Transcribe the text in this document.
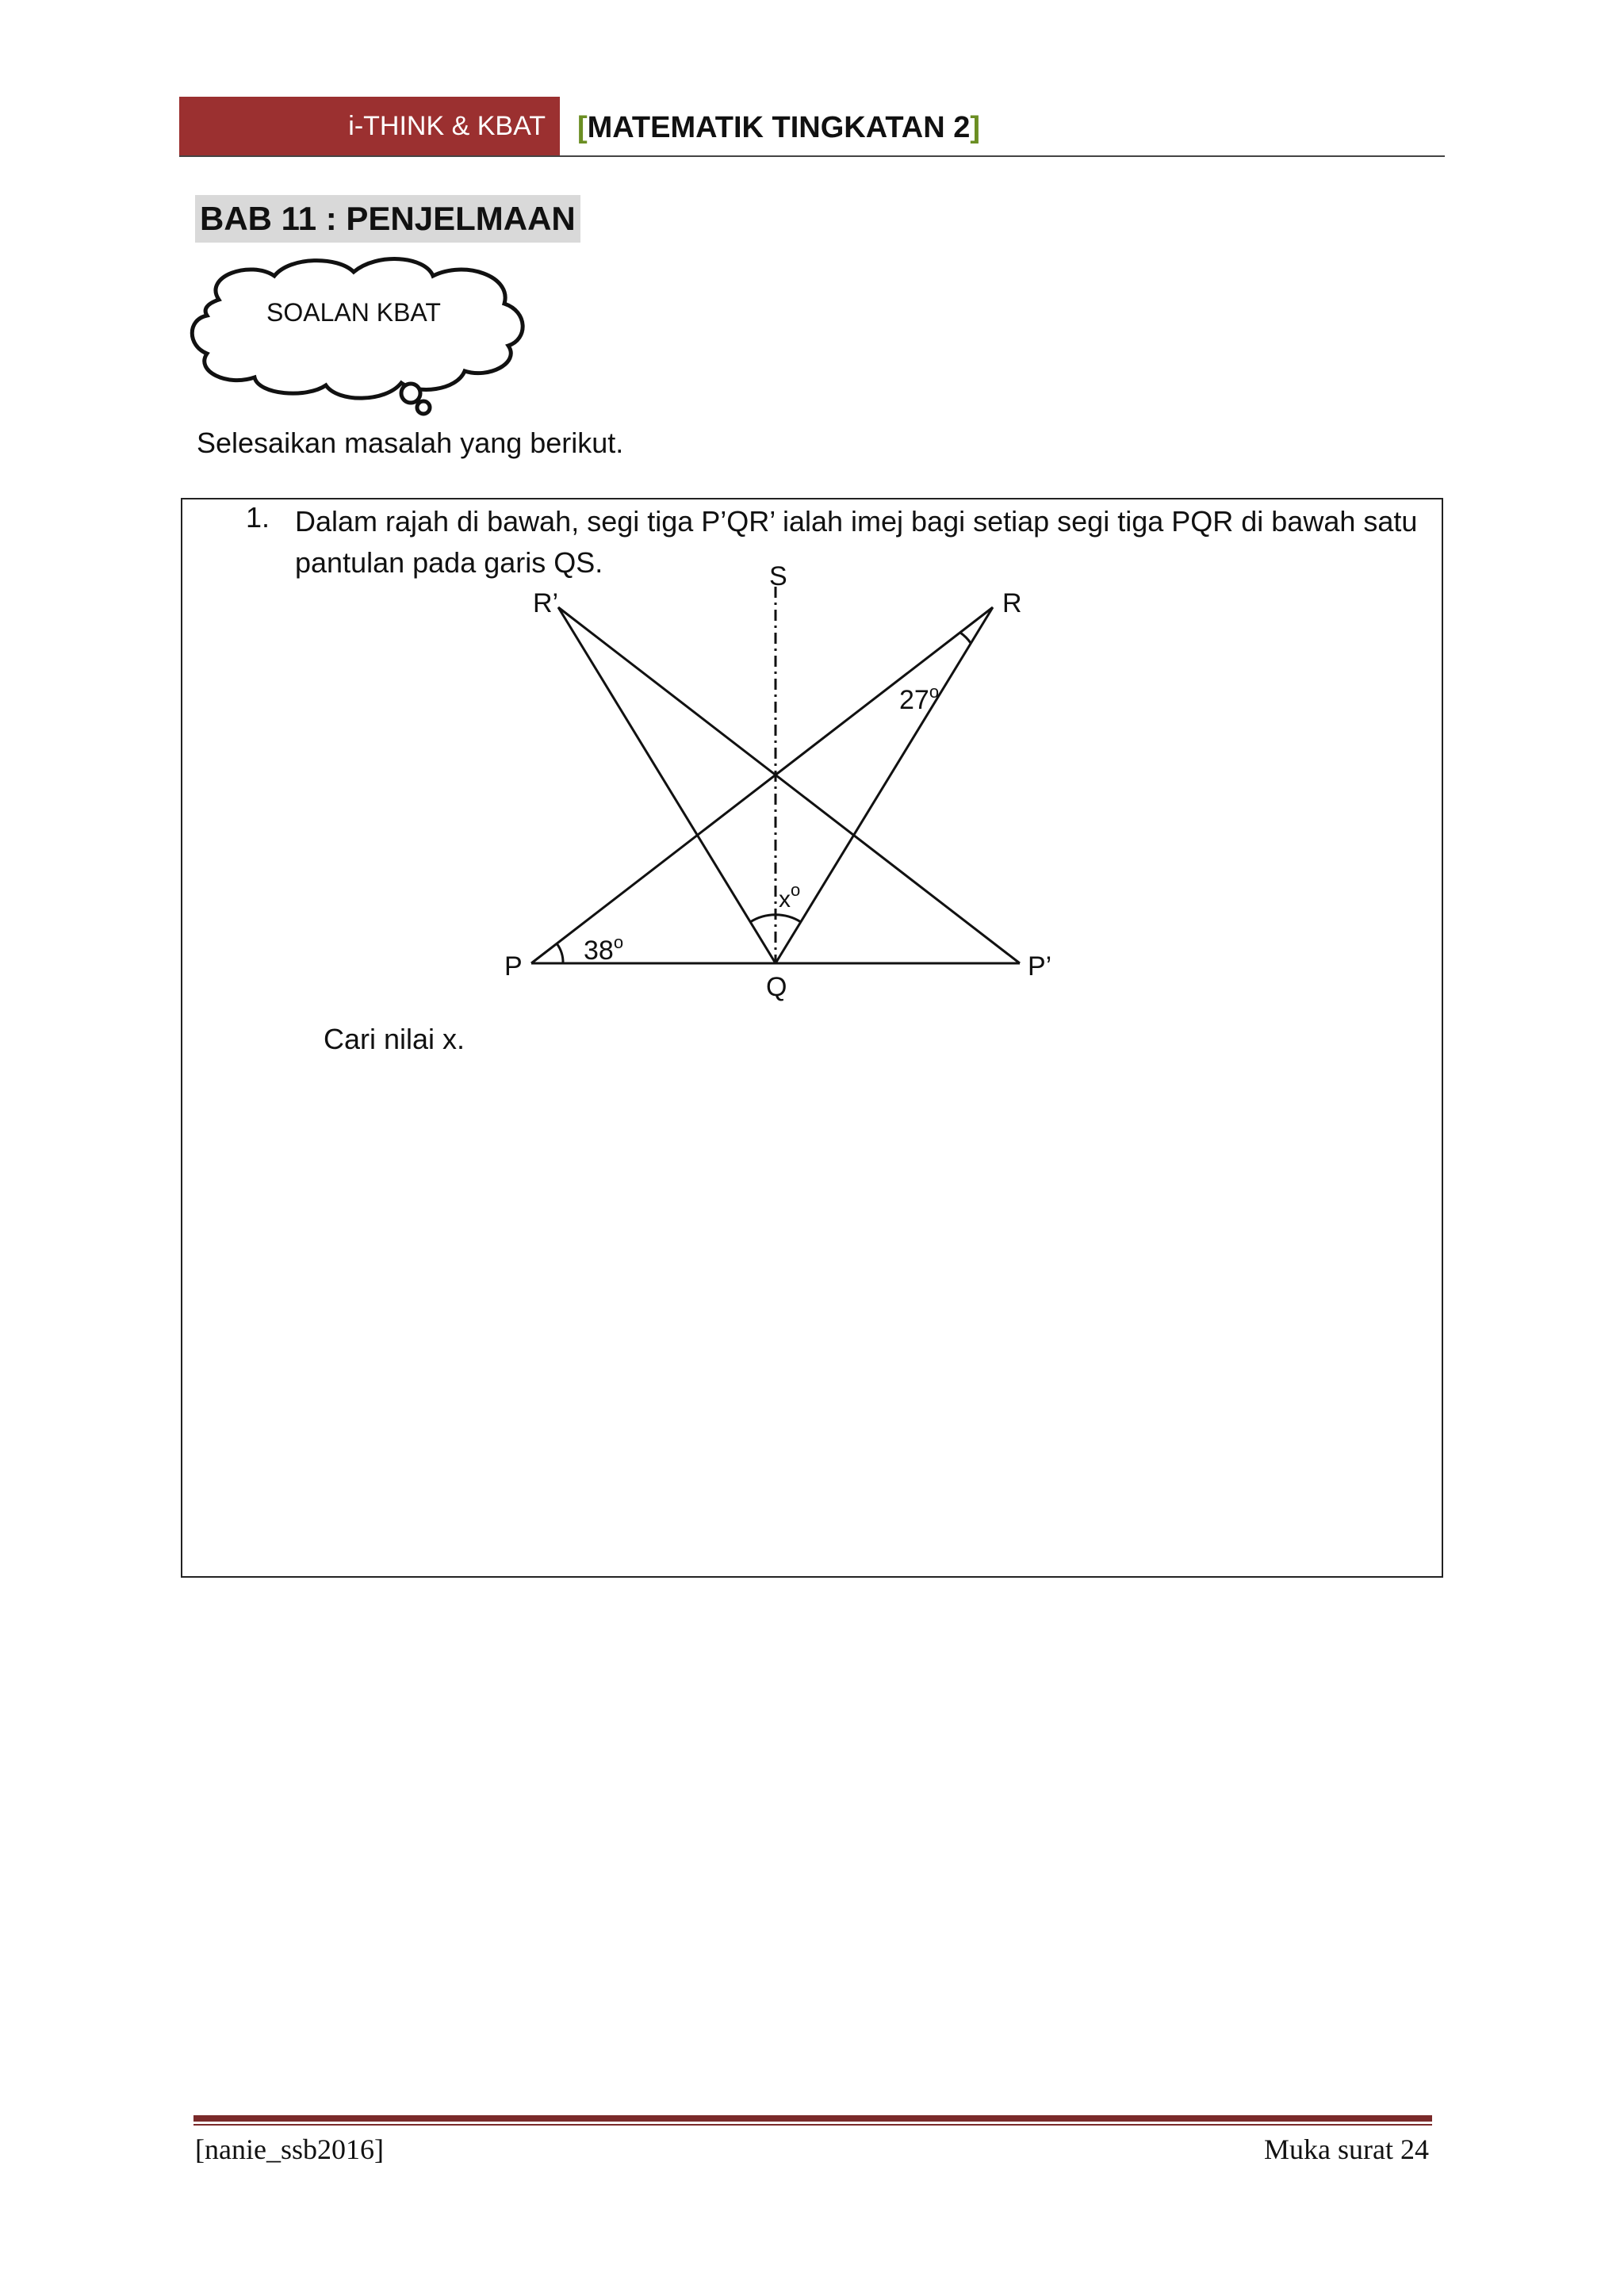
i-THINK & KBAT [ MATEMATIK TINGKATAN 2 ]
BAB 11 : PENJELMAAN
SOALAN KBAT
Selesaikan masalah yang berikut.
1. Dalam rajah di bawah, segi tiga P’QR’ ialah imej bagi setiap segi tiga PQR di bawah satu pantulan pada garis QS.	S
R’	R
P
Q
P’
27$^o$
38$^o$
$x^o$
Cari nilai x.
[nanie_ssb2016]	Muka surat 24
